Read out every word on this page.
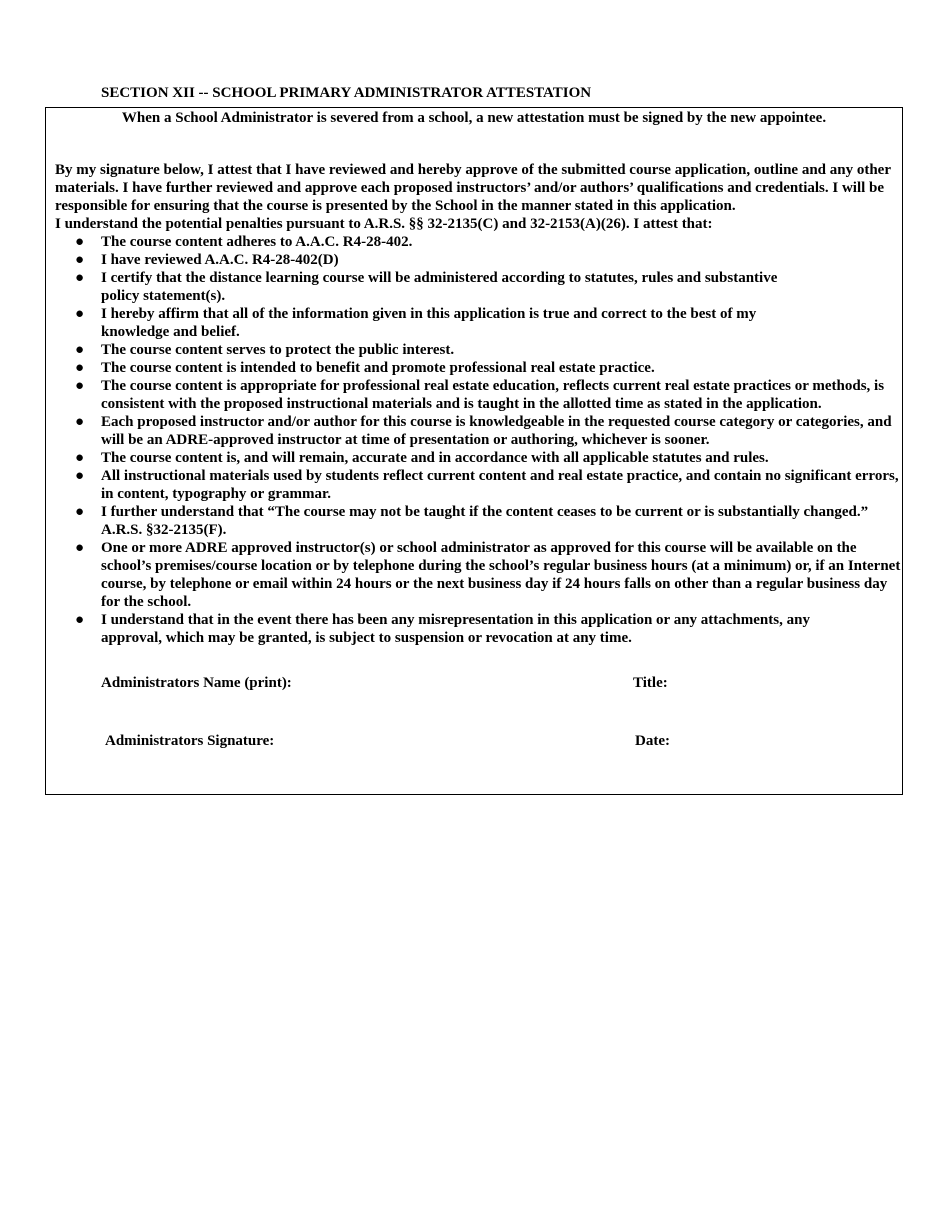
SECTION XII -- SCHOOL PRIMARY ADMINISTRATOR ATTESTATION
When a School Administrator is severed from a school, a new attestation must be signed by the new appointee.

By my signature below, I attest that I have reviewed and hereby approve of the submitted course application, outline and any other materials. I have further reviewed and approve each proposed instructors’ and/or authors’ qualifications and credentials. I will be responsible for ensuring that the course is presented by the School in the manner stated in this application.

I understand the potential penalties pursuant to A.R.S. §§ 32-2135(C) and 32-2153(A)(26). I attest that:

● The course content adheres to A.A.C. R4-28-402.
● I have reviewed A.A.C. R4-28-402(D)
● I certify that the distance learning course will be administered according to statutes, rules and substantive policy statement(s).
● I hereby affirm that all of the information given in this application is true and correct to the best of my knowledge and belief.
● The course content serves to protect the public interest.
● The course content is intended to benefit and promote professional real estate practice.
● The course content is appropriate for professional real estate education, reflects current real estate practices or methods, is consistent with the proposed instructional materials and is taught in the allotted time as stated in the application.
● Each proposed instructor and/or author for this course is knowledgeable in the requested course category or categories, and will be an ADRE-approved instructor at time of presentation or authoring, whichever is sooner.
● The course content is, and will remain, accurate and in accordance with all applicable statutes and rules.
● All instructional materials used by students reflect current content and real estate practice, and contain no significant errors, in content, typography or grammar.
● I further understand that “The course may not be taught if the content ceases to be current or is substantially changed.” A.R.S. §32-2135(F).
● One or more ADRE approved instructor(s) or school administrator as approved for this course will be available on the school’s premises/course location or by telephone during the school’s regular business hours (at a minimum) or, if an Internet course, by telephone or email within 24 hours or the next business day if 24 hours falls on other than a regular business day for the school.
● I understand that in the event there has been any misrepresentation in this application or any attachments, any approval, which may be granted, is subject to suspension or revocation at any time.
Administrators Name (print):	Title:
Administrators Signature:	Date:
